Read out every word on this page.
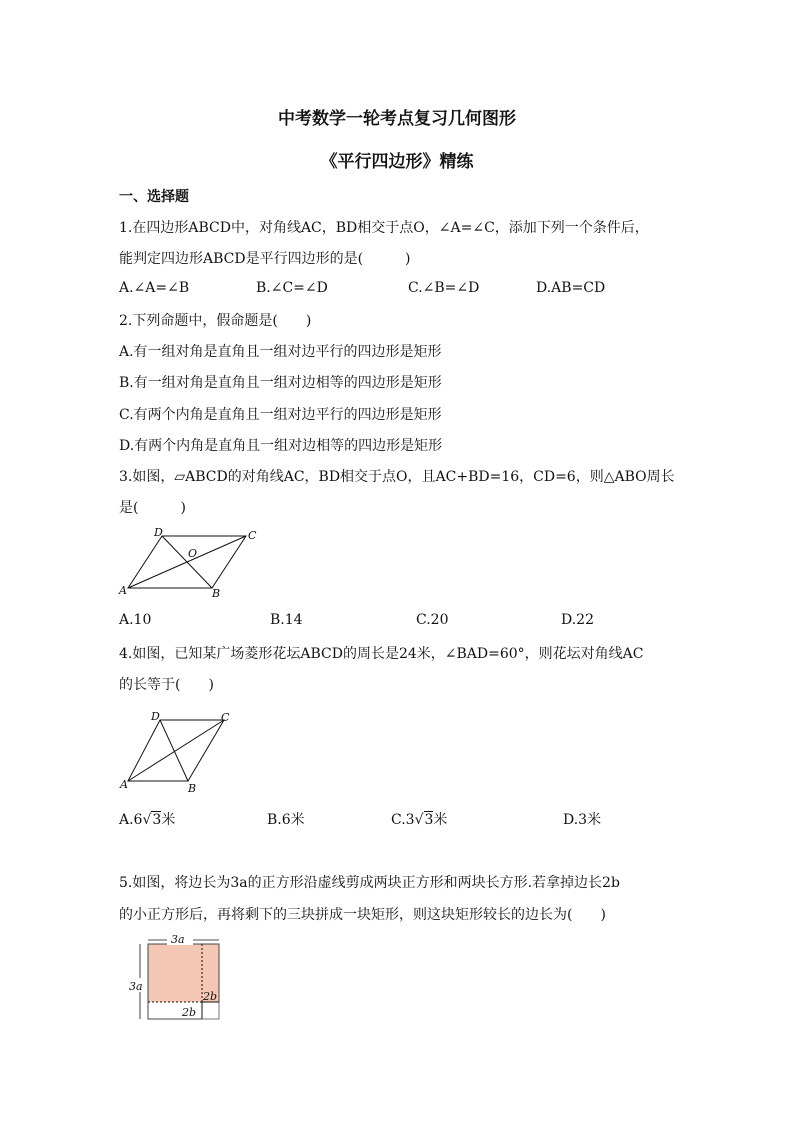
中考数学一轮考点复习几何图形
《平行四边形》精练
一、选择题
1.在四边形ABCD中，对角线AC，BD相交于点O，∠A=∠C，添加下列一个条件后，
能判定四边形ABCD是平行四边形的是(　　　)
A.∠A=∠B	B.∠C=∠D	C.∠B=∠D	D.AB=CD
2.下列命题中，假命题是(　　)
A.有一组对角是直角且一组对边平行的四边形是矩形
B.有一组对角是直角且一组对边相等的四边形是矩形
C.有两个内角是直角且一组对边平行的四边形是矩形
D.有两个内角是直角且一组对边相等的四边形是矩形
3.如图，▱ABCD的对角线AC，BD相交于点O，且AC+BD=16，CD=6，则△ABO周长
是(　　　)
A	B
C
D
O
A.10	B.14	C.20	D.22
4.如图，已知某广场菱形花坛ABCD的周长是24米，∠BAD=60°，则花坛对角线AC
的长等于(　　)
A	B
C
D
A.6√3米	B.6米	C.3√3米	D.3米
5.如图，将边长为3a的正方形沿虚线剪成两块正方形和两块长方形.若拿掉边长2b
的小正方形后，再将剩下的三块拼成一块矩形，则这块矩形较长的边长为(　　)
3a
3a
2b
2b
